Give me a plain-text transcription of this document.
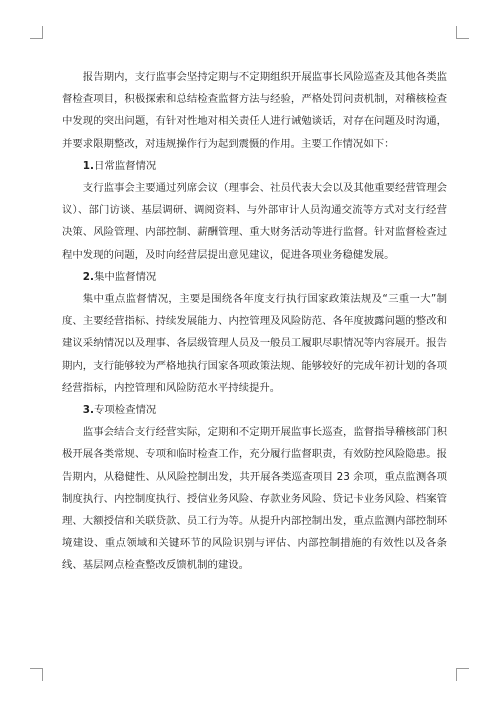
报告期内，支行监事会坚持定期与不定期组织开展监事长风险巡查及其他各类监督检查项目，积极探索和总结检查监督方法与经验，严格处罚问责机制，对稽核检查中发现的突出问题，有针对性地对相关责任人进行诫勉谈话，对存在问题及时沟通，并要求限期整改，对违规操作行为起到震慑的作用。主要工作情况如下：

1.日常监督情况

支行监事会主要通过列席会议（理事会、社员代表大会以及其他重要经营管理会议）、部门访谈、基层调研、调阅资料、与外部审计人员沟通交流等方式对支行经营决策、风险管理、内部控制、薪酬管理、重大财务活动等进行监督。针对监督检查过程中发现的问题，及时向经营层提出意见建议，促进各项业务稳健发展。

2.集中监督情况

集中重点监督情况，主要是围绕各年度支行执行国家政策法规及“三重一大”制度、主要经营指标、持续发展能力、内控管理及风险防范、各年度披露问题的整改和建议采纳情况以及理事、各层级管理人员及一般员工履职尽职情况等内容展开。报告期内，支行能够较为严格地执行国家各项政策法规、能够较好的完成年初计划的各项经营指标，内控管理和风险防范水平持续提升。

3.专项检查情况

监事会结合支行经营实际，定期和不定期开展监事长巡查，监督指导稽核部门积极开展各类常规、专项和临时检查工作，充分履行监督职责，有效防控风险隐患。报告期内，从稳健性、从风险控制出发，共开展各类巡查项目 23 余项，重点监测各项制度执行、内控制度执行、授信业务风险、存款业务风险、贷记卡业务风险、档案管理、大额授信和关联贷款、员工行为等。从提升内部控制出发，重点监测内部控制环境建设、重点领域和关键环节的风险识别与评估、内部控制措施的有效性以及各条线、基层网点检查整改反馈机制的建设。
